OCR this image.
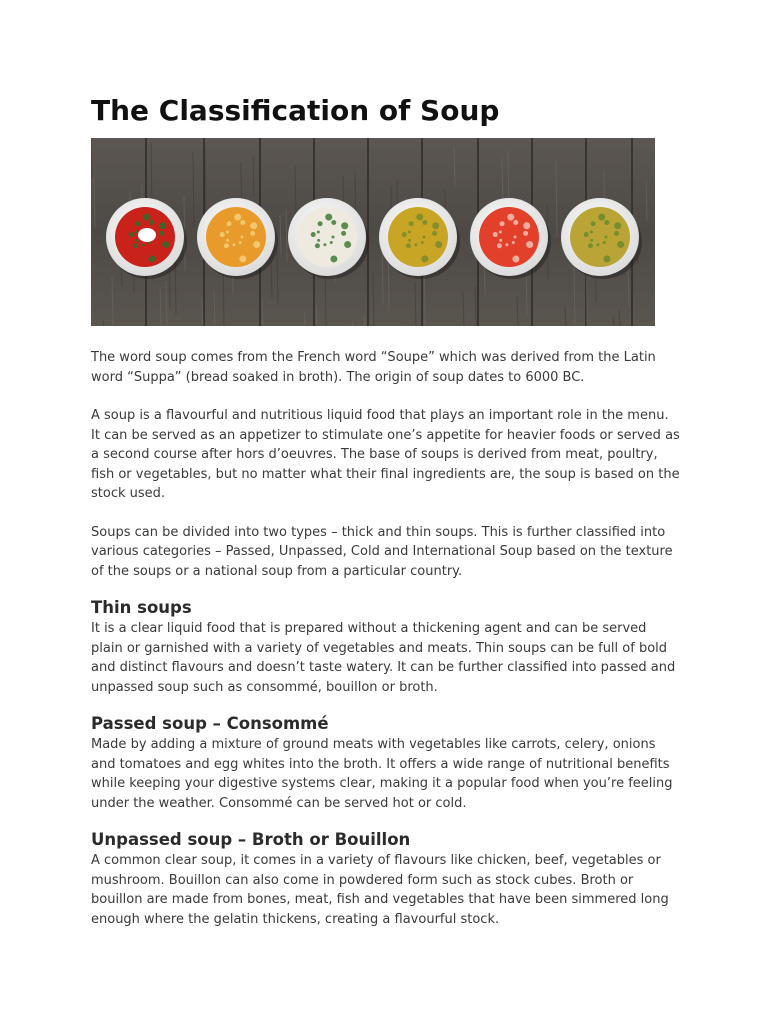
The Classification of Soup

The word soup comes from the French word “Soupe” which was derived from the Latin word “Suppa” (bread soaked in broth). The origin of soup dates to 6000 BC.

A soup is a flavourful and nutritious liquid food that plays an important role in the menu. It can be served as an appetizer to stimulate one’s appetite for heavier foods or served as a second course after hors d’oeuvres. The base of soups is derived from meat, poultry, fish or vegetables, but no matter what their final ingredients are, the soup is based on the stock used.

Soups can be divided into two types – thick and thin soups. This is further classified into various categories – Passed, Unpassed, Cold and International Soup based on the texture of the soups or a national soup from a particular country.

Thin soups

It is a clear liquid food that is prepared without a thickening agent and can be served plain or garnished with a variety of vegetables and meats. Thin soups can be full of bold and distinct flavours and doesn’t taste watery. It can be further classified into passed and unpassed soup such as consommé, bouillon or broth.

Passed soup – Consommé

Made by adding a mixture of ground meats with vegetables like carrots, celery, onions and tomatoes and egg whites into the broth. It offers a wide range of nutritional benefits while keeping your digestive systems clear, making it a popular food when you’re feeling under the weather. Consommé can be served hot or cold.

Unpassed soup – Broth or Bouillon

A common clear soup, it comes in a variety of flavours like chicken, beef, vegetables or mushroom. Bouillon can also come in powdered form such as stock cubes. Broth or bouillon are made from bones, meat, fish and vegetables that have been simmered long enough where the gelatin thickens, creating a flavourful stock.
